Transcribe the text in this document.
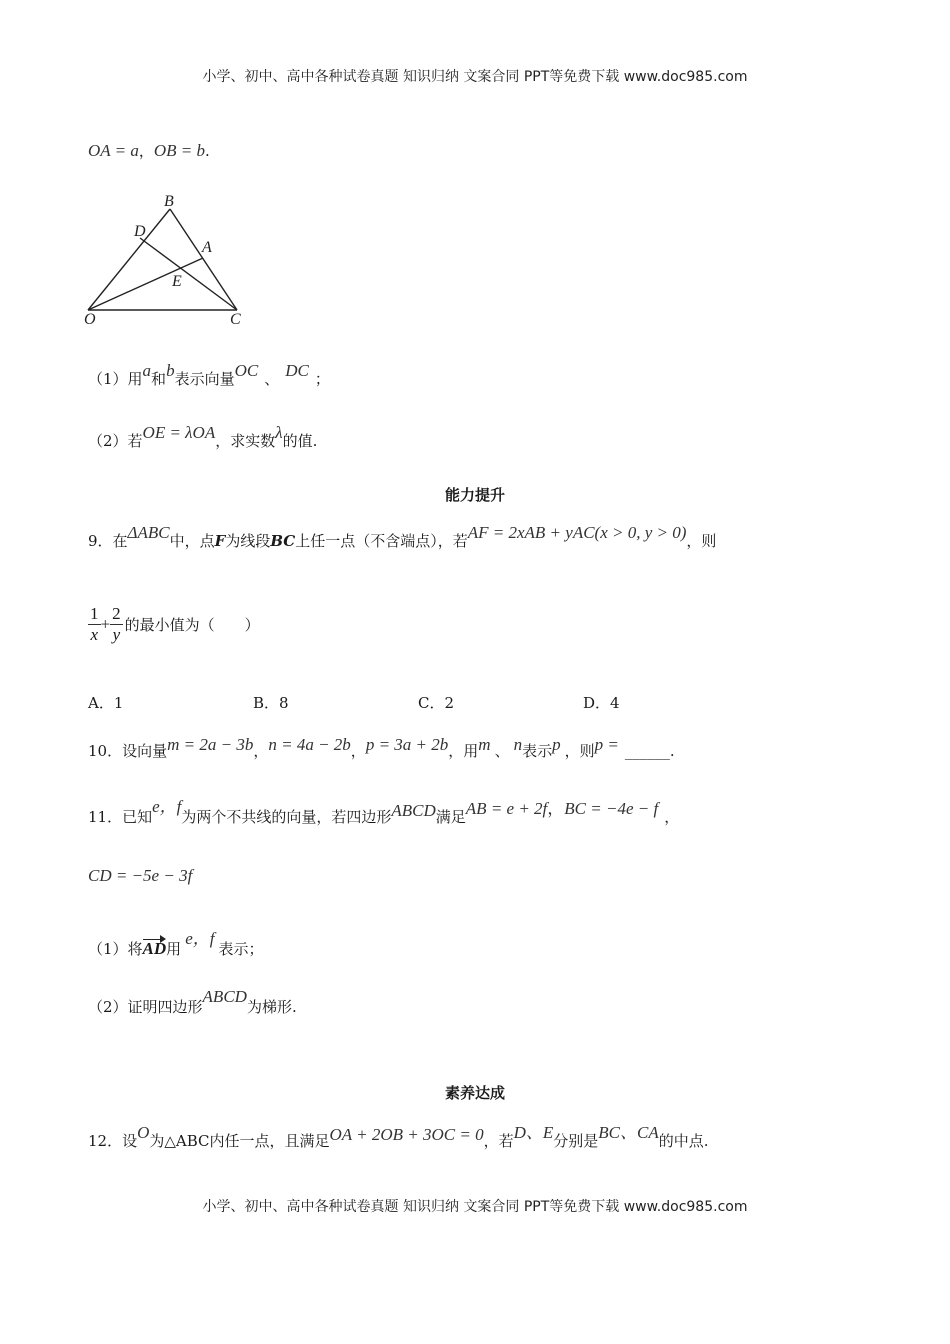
小学、初中、高中各种试卷真题 知识归纳 文案合同 PPT等免费下载 www.doc985.com
小学、初中、高中各种试卷真题 知识归纳 文案合同 PPT等免费下载 www.doc985.com
OA = a，OB = b.
B
D
A
E
O	C
（1）用a和b表示向量OC 、 DC ；
（2）若OE = λOA，求实数λ的值.
能力提升
9．在ΔABC中，点F为线段BC上任一点（不含端点），若AF = 2xAB + yAC(x > 0, y > 0)，则
$\frac{1}{x} + \frac{2}{y}$ 的最小值为（　　）
A．1	B．8	C．2	D．4
10．设向量m = 2a − 3b，n = 4a − 2b，p = 3a + 2b，用m 、 n表示p ，则p = ______.
11．已知e，f为两个不共线的向量，若四边形ABCD满足AB = e + 2f，BC = −4e − f ，
CD = −5e − 3f
（1）将AD用e，f表示；
（2）证明四边形ABCD为梯形.
素养达成
12．设O为△ABC内任一点，且满足OA + 2OB + 3OC = 0，若D、E分别是BC、CA的中点.
